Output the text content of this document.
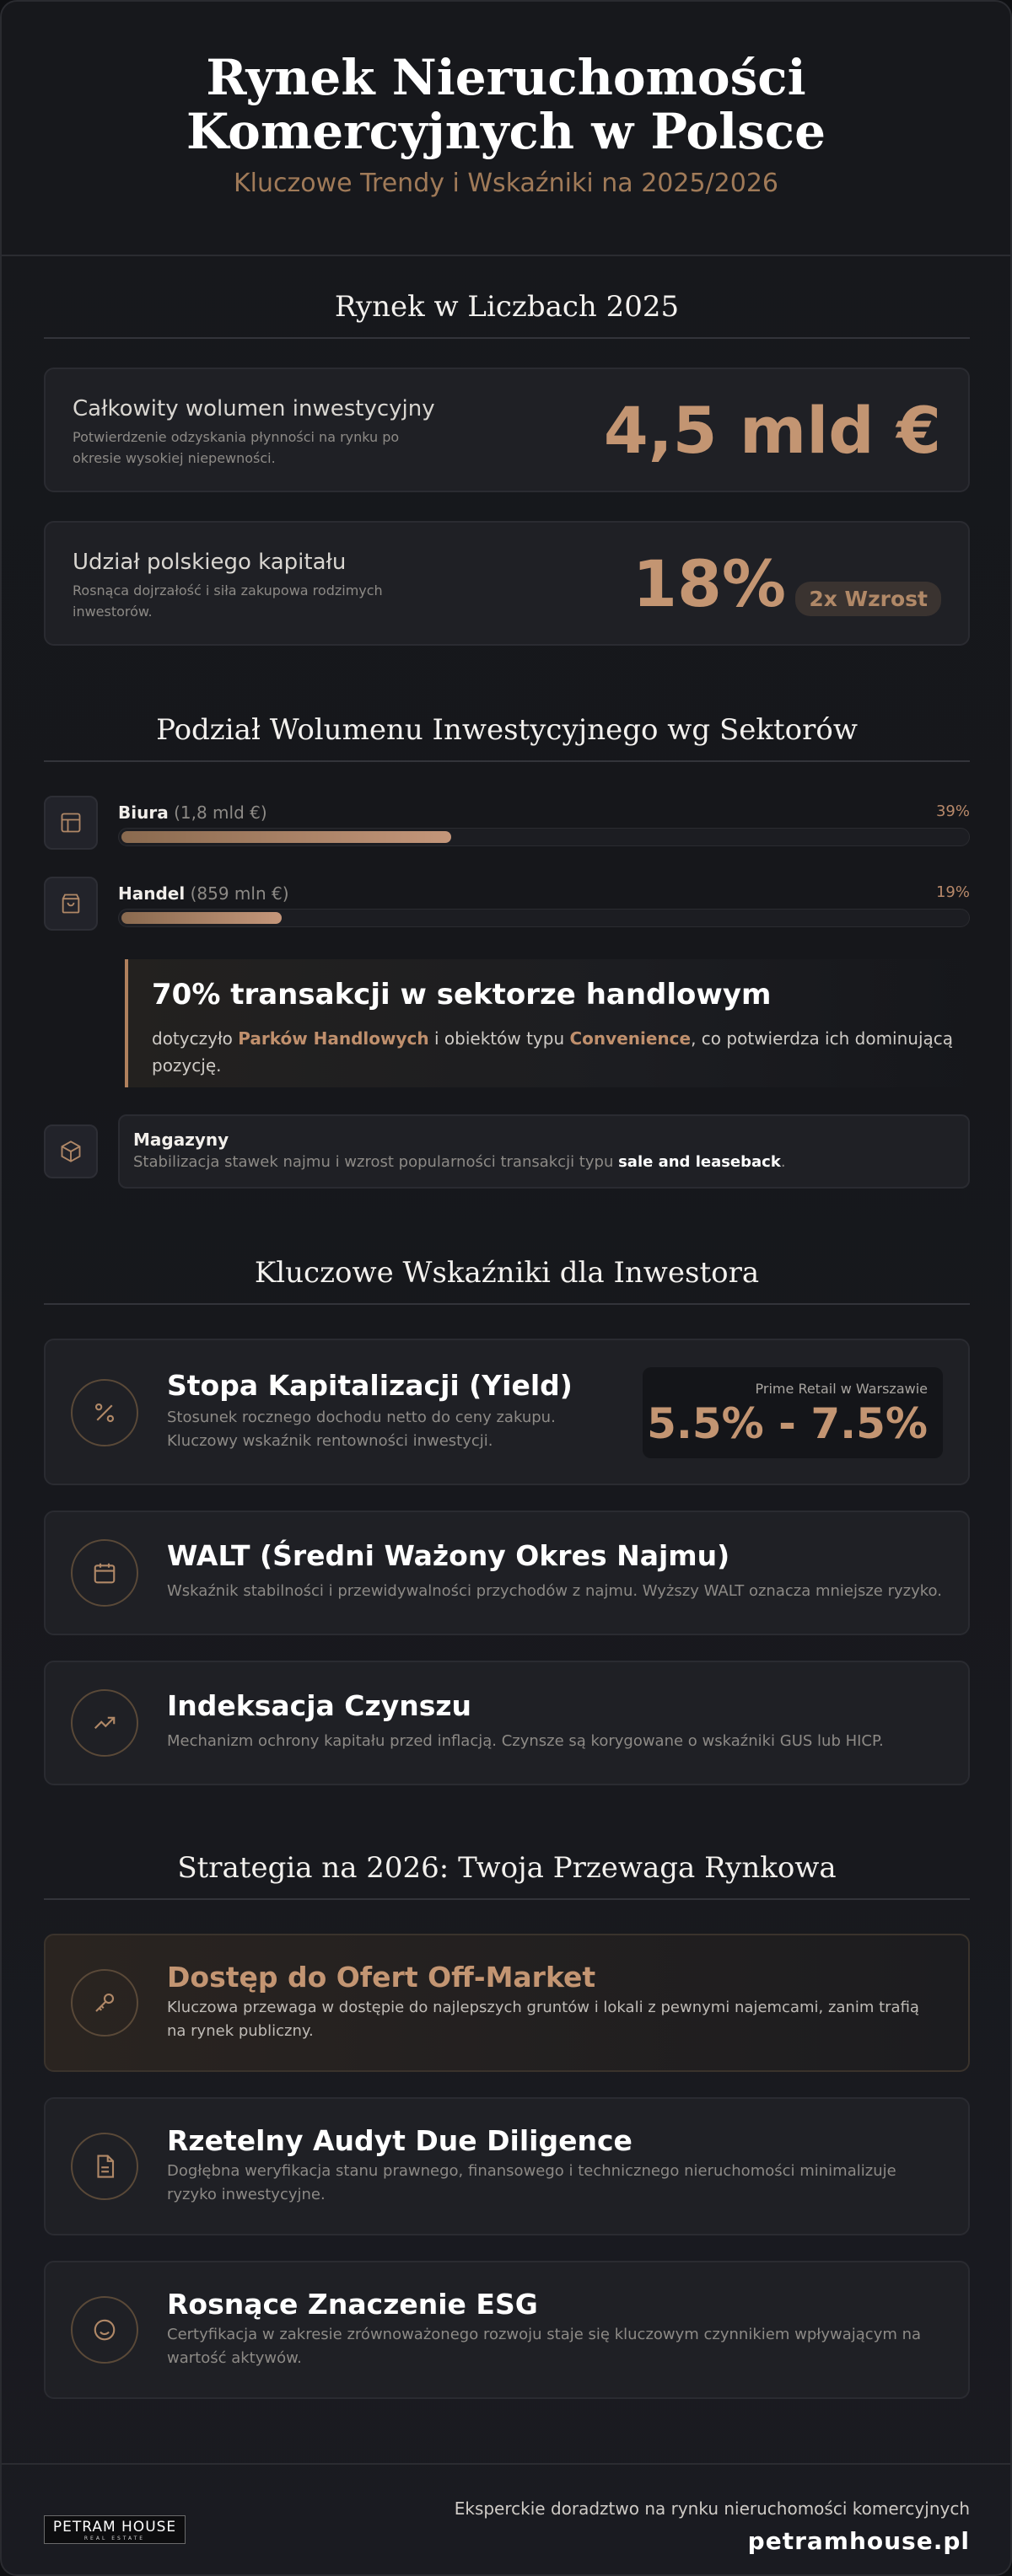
Rynek Nieruchomości
Komercyjnych w Polsce
Kluczowe Trendy i Wskaźniki na 2025/2026
Rynek w Liczbach 2025
Całkowity wolumen inwestycyjny
Potwierdzenie odzyskania płynności na rynku po okresie wysokiej niepewności.	4,5 mld €
Udział polskiego kapitału
Rosnąca dojrzałość i siła zakupowa rodzimych inwestorów.	18%	2x Wzrost
Podział Wolumenu Inwestycyjnego wg Sektorów
Biura (1,8 mld €)	39%
Handel (859 mln €)	19%
70% transakcji w sektorze handlowym
dotyczyło Parków Handlowych i obiektów typu Convenience, co potwierdza ich dominującą pozycję.
Magazyny
Stabilizacja stawek najmu i wzrost popularności transakcji typu sale and leaseback.
Kluczowe Wskaźniki dla Inwestora
Stopa Kapitalizacji (Yield)
Stosunek rocznego dochodu netto do ceny zakupu.
Kluczowy wskaźnik rentowności inwestycji.
Prime Retail w Warszawie
5.5% - 7.5%
WALT (Średni Ważony Okres Najmu)
Wskaźnik stabilności i przewidywalności przychodów z najmu. Wyższy WALT oznacza mniejsze ryzyko.
Indeksacja Czynszu
Mechanizm ochrony kapitału przed inflacją. Czynsze są korygowane o wskaźniki GUS lub HICP.
Strategia na 2026: Twoja Przewaga Rynkowa
Dostęp do Ofert Off-Market
Kluczowa przewaga w dostępie do najlepszych gruntów i lokali z pewnymi najemcami, zanim trafią na rynek publiczny.
Rzetelny Audyt Due Diligence
Dogłębna weryfikacja stanu prawnego, finansowego i technicznego nieruchomości minimalizuje ryzyko inwestycyjne.
Rosnące Znaczenie ESG
Certyfikacja w zakresie zrównoważonego rozwoju staje się kluczowym czynnikiem wpływającym na wartość aktywów.
PETRAM HOUSE
REAL ESTATE
Eksperckie doradztwo na rynku nieruchomości komercyjnych
petramhouse.pl
